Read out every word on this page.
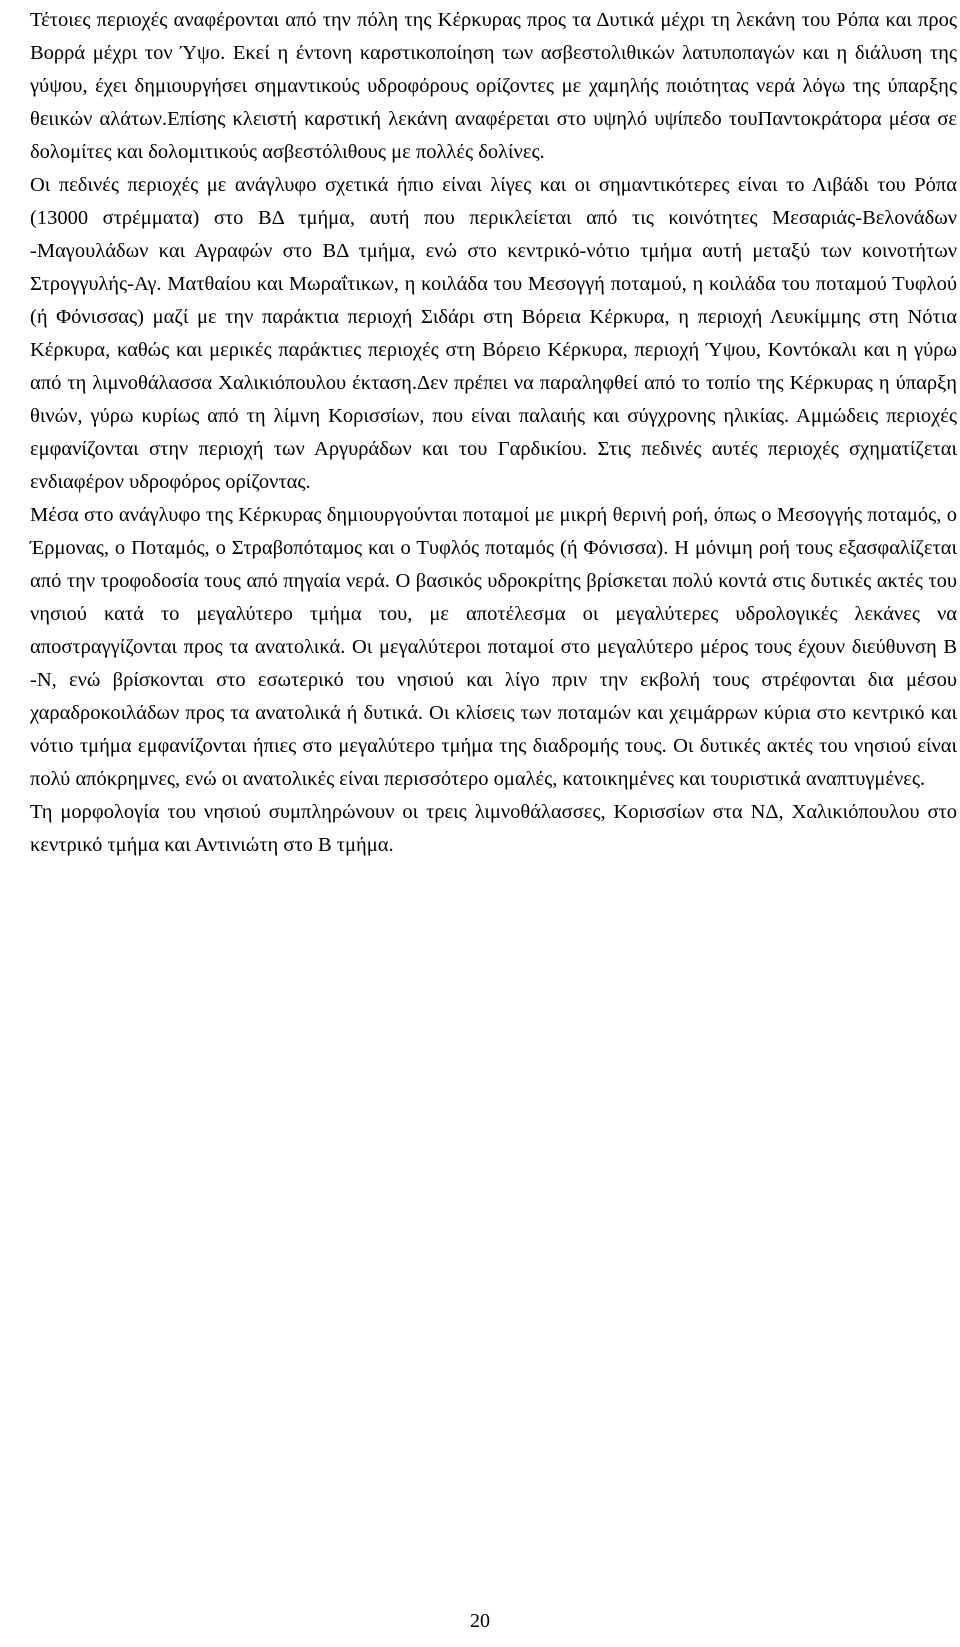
Τέτοιες περιοχές αναφέρονται από την πόλη της Κέρκυρας προς τα Δυτικά μέχρι τη λεκάνη του Ρόπα και προς Βορρά μέχρι τον Ύψο. Εκεί η έντονη καρστικοποίηση των ασβεστολιθικών λατυποπαγών και η διάλυση της γύψου, έχει δημιουργήσει σημαντικούς υδροφόρους ορίζοντες με χαμηλής ποιότητας νερά λόγω της ύπαρξης θειικών αλάτων.Επίσης κλειστή καρστική λεκάνη αναφέρεται στο υψηλό υψίπεδο τουΠαντοκράτορα μέσα σε δολομίτες και δολομιτικούς ασβεστόλιθους με πολλές δολίνες.

Οι πεδινές περιοχές με ανάγλυφο σχετικά ήπιο είναι λίγες και οι σημαντικότερες είναι το Λιβάδι του Ρόπα (13000 στρέμματα) στο ΒΔ τμήμα, αυτή που περικλείεται από τις κοινότητες Μεσαριάς-Βελονάδων -Μαγουλάδων και Αγραφών στο ΒΔ τμήμα, ενώ στο κεντρικό-νότιο τμήμα αυτή μεταξύ των κοινοτήτων Στρογγυλής-Αγ. Ματθαίου και Μωραΐτικων, η κοιλάδα του Μεσογγή ποταμού, η κοιλάδα του ποταμού Τυφλού (ή Φόνισσας) μαζί με την παράκτια περιοχή Σιδάρι στη Βόρεια Κέρκυρα, η περιοχή Λευκίμμης στη Νότια Κέρκυρα, καθώς και μερικές παράκτιες περιοχές στη Βόρειο Κέρκυρα, περιοχή Ύψου, Κοντόκαλι και η γύρω από τη λιμνοθάλασσα Χαλικιόπουλου έκταση.Δεν πρέπει να παραληφθεί από το τοπίο της Κέρκυρας η ύπαρξη θινών, γύρω κυρίως από τη λίμνη Κορισσίων, που είναι παλαιής και σύγχρονης ηλικίας. Αμμώδεις περιοχές εμφανίζονται στην περιοχή των Αργυράδων και του Γαρδικίου. Στις πεδινές αυτές περιοχές σχηματίζεται ενδιαφέρον υδροφόρος ορίζοντας.

Μέσα στο ανάγλυφο της Κέρκυρας δημιουργούνται ποταμοί με μικρή θερινή ροή, όπως ο Μεσογγής ποταμός, ο Έρμονας, ο Ποταμός, ο Στραβοπόταμος και ο Τυφλός ποταμός (ή Φόνισσα). Η μόνιμη ροή τους εξασφαλίζεται από την τροφοδοσία τους από πηγαία νερά. Ο βασικός υδροκρίτης βρίσκεται πολύ κοντά στις δυτικές ακτές του νησιού κατά το μεγαλύτερο τμήμα του, με αποτέλεσμα οι μεγαλύτερες υδρολογικές λεκάνες να αποστραγγίζονται προς τα ανατολικά. Οι μεγαλύτεροι ποταμοί στο μεγαλύτερο μέρος τους έχουν διεύθυνση Β -Ν, ενώ βρίσκονται στο εσωτερικό του νησιού και λίγο πριν την εκβολή τους στρέφονται δια μέσου χαραδροκοιλάδων προς τα ανατολικά ή δυτικά. Οι κλίσεις των ποταμών και χειμάρρων κύρια στο κεντρικό και νότιο τμήμα εμφανίζονται ήπιες στο μεγαλύτερο τμήμα της διαδρομής τους. Οι δυτικές ακτές του νησιού είναι πολύ απόκρημνες, ενώ οι ανατολικές είναι περισσότερο ομαλές, κατοικημένες και τουριστικά αναπτυγμένες.

Τη μορφολογία του νησιού συμπληρώνουν οι τρεις λιμνοθάλασσες, Κορισσίων στα ΝΔ, Χαλικιόπουλου στο κεντρικό τμήμα και Αντινιώτη στο Β τμήμα.

20
